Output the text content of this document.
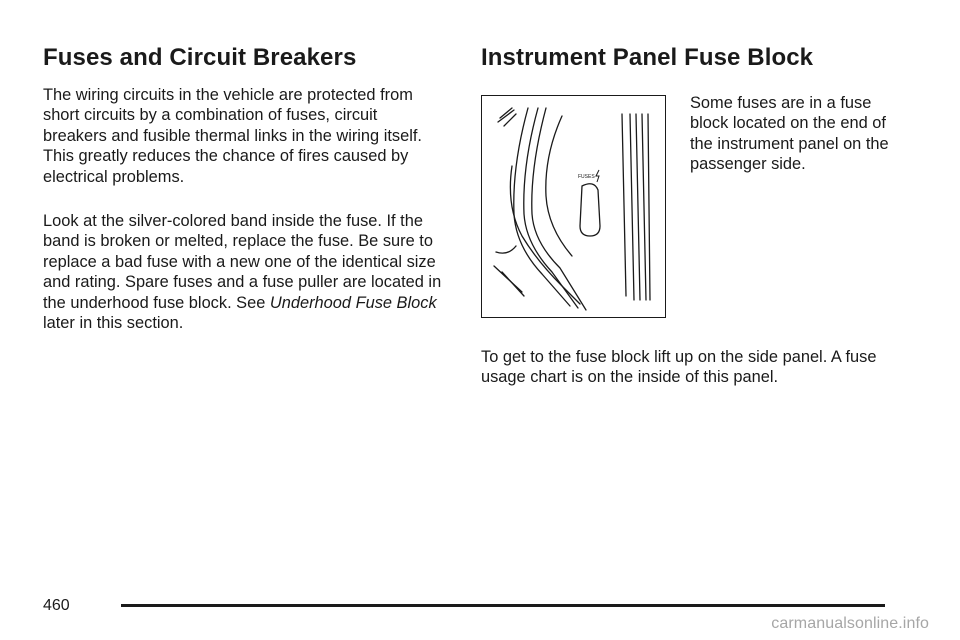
Fuses and Circuit Breakers

The wiring circuits in the vehicle are protected from short circuits by a combination of fuses, circuit breakers and fusible thermal links in the wiring itself. This greatly reduces the chance of fires caused by electrical problems.

Look at the silver-colored band inside the fuse. If the band is broken or melted, replace the fuse. Be sure to replace a bad fuse with a new one of the identical size and rating. Spare fuses and a fuse puller are located in the underhood fuse block. See Underhood Fuse Block later in this section.

Instrument Panel Fuse Block
FUSES

Some fuses are in a fuse block located on the end of the instrument panel on the passenger side.

To get to the fuse block lift up on the side panel. A fuse usage chart is on the inside of this panel.

460
carmanualsonline.info
